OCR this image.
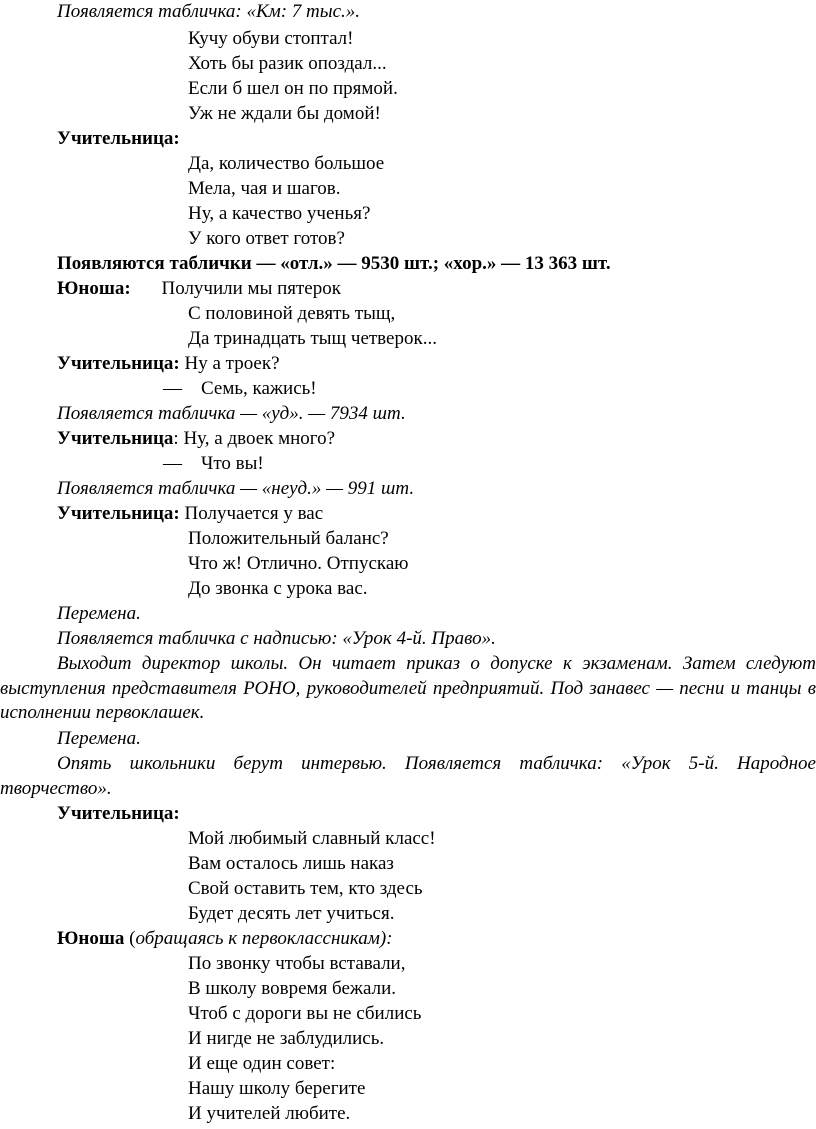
Появляется табличка: «Км: 7 тыс.».
Кучу обуви стоптал!
Хоть бы разик опоздал...
Если б шел он по прямой.
Уж не ждали бы домой!
Учительница:
Да, количество большое
Мела, чая и шагов.
Ну, а качество ученья?
У кого ответ готов?
Появляются таблички — «отл.» — 9530 шт.; «хор.» — 13 363 шт.
Юноша: Получили мы пятерок
С половиной девять тыщ,
Да тринадцать тыщ четверок...
Учительница: Ну а троек?
— Семь, кажись!
Появляется табличка — «уд». — 7934 шт.
Учительница: Ну, а двоек много?
— Что вы!
Появляется табличка — «неуд.» — 991 шт.
Учительница: Получается у вас
Положительный баланс?
Что ж! Отлично. Отпускаю
До звонка с урока вас.
Перемена.
Появляется табличка с надписью: «Урок 4-й. Право».

Выходит директор школы. Он читает приказ о допуске к экзаменам. Затем следуют выступления представителя РОНО, руководителей предприятий. Под занавес — песни и танцы в исполнении первоклашек.

Перемена.

Опять школьники берут интервью. Появляется табличка: «Урок 5-й. Народное творчество».

Учительница:
Мой любимый славный класс!
Вам осталось лишь наказ
Свой оставить тем, кто здесь
Будет десять лет учиться.
Юноша (обращаясь к первоклассникам):
По звонку чтобы вставали,
В школу вовремя бежали.
Чтоб с дороги вы не сбились
И нигде не заблудились.
И еще один совет:
Нашу школу берегите
И учителей любите.
